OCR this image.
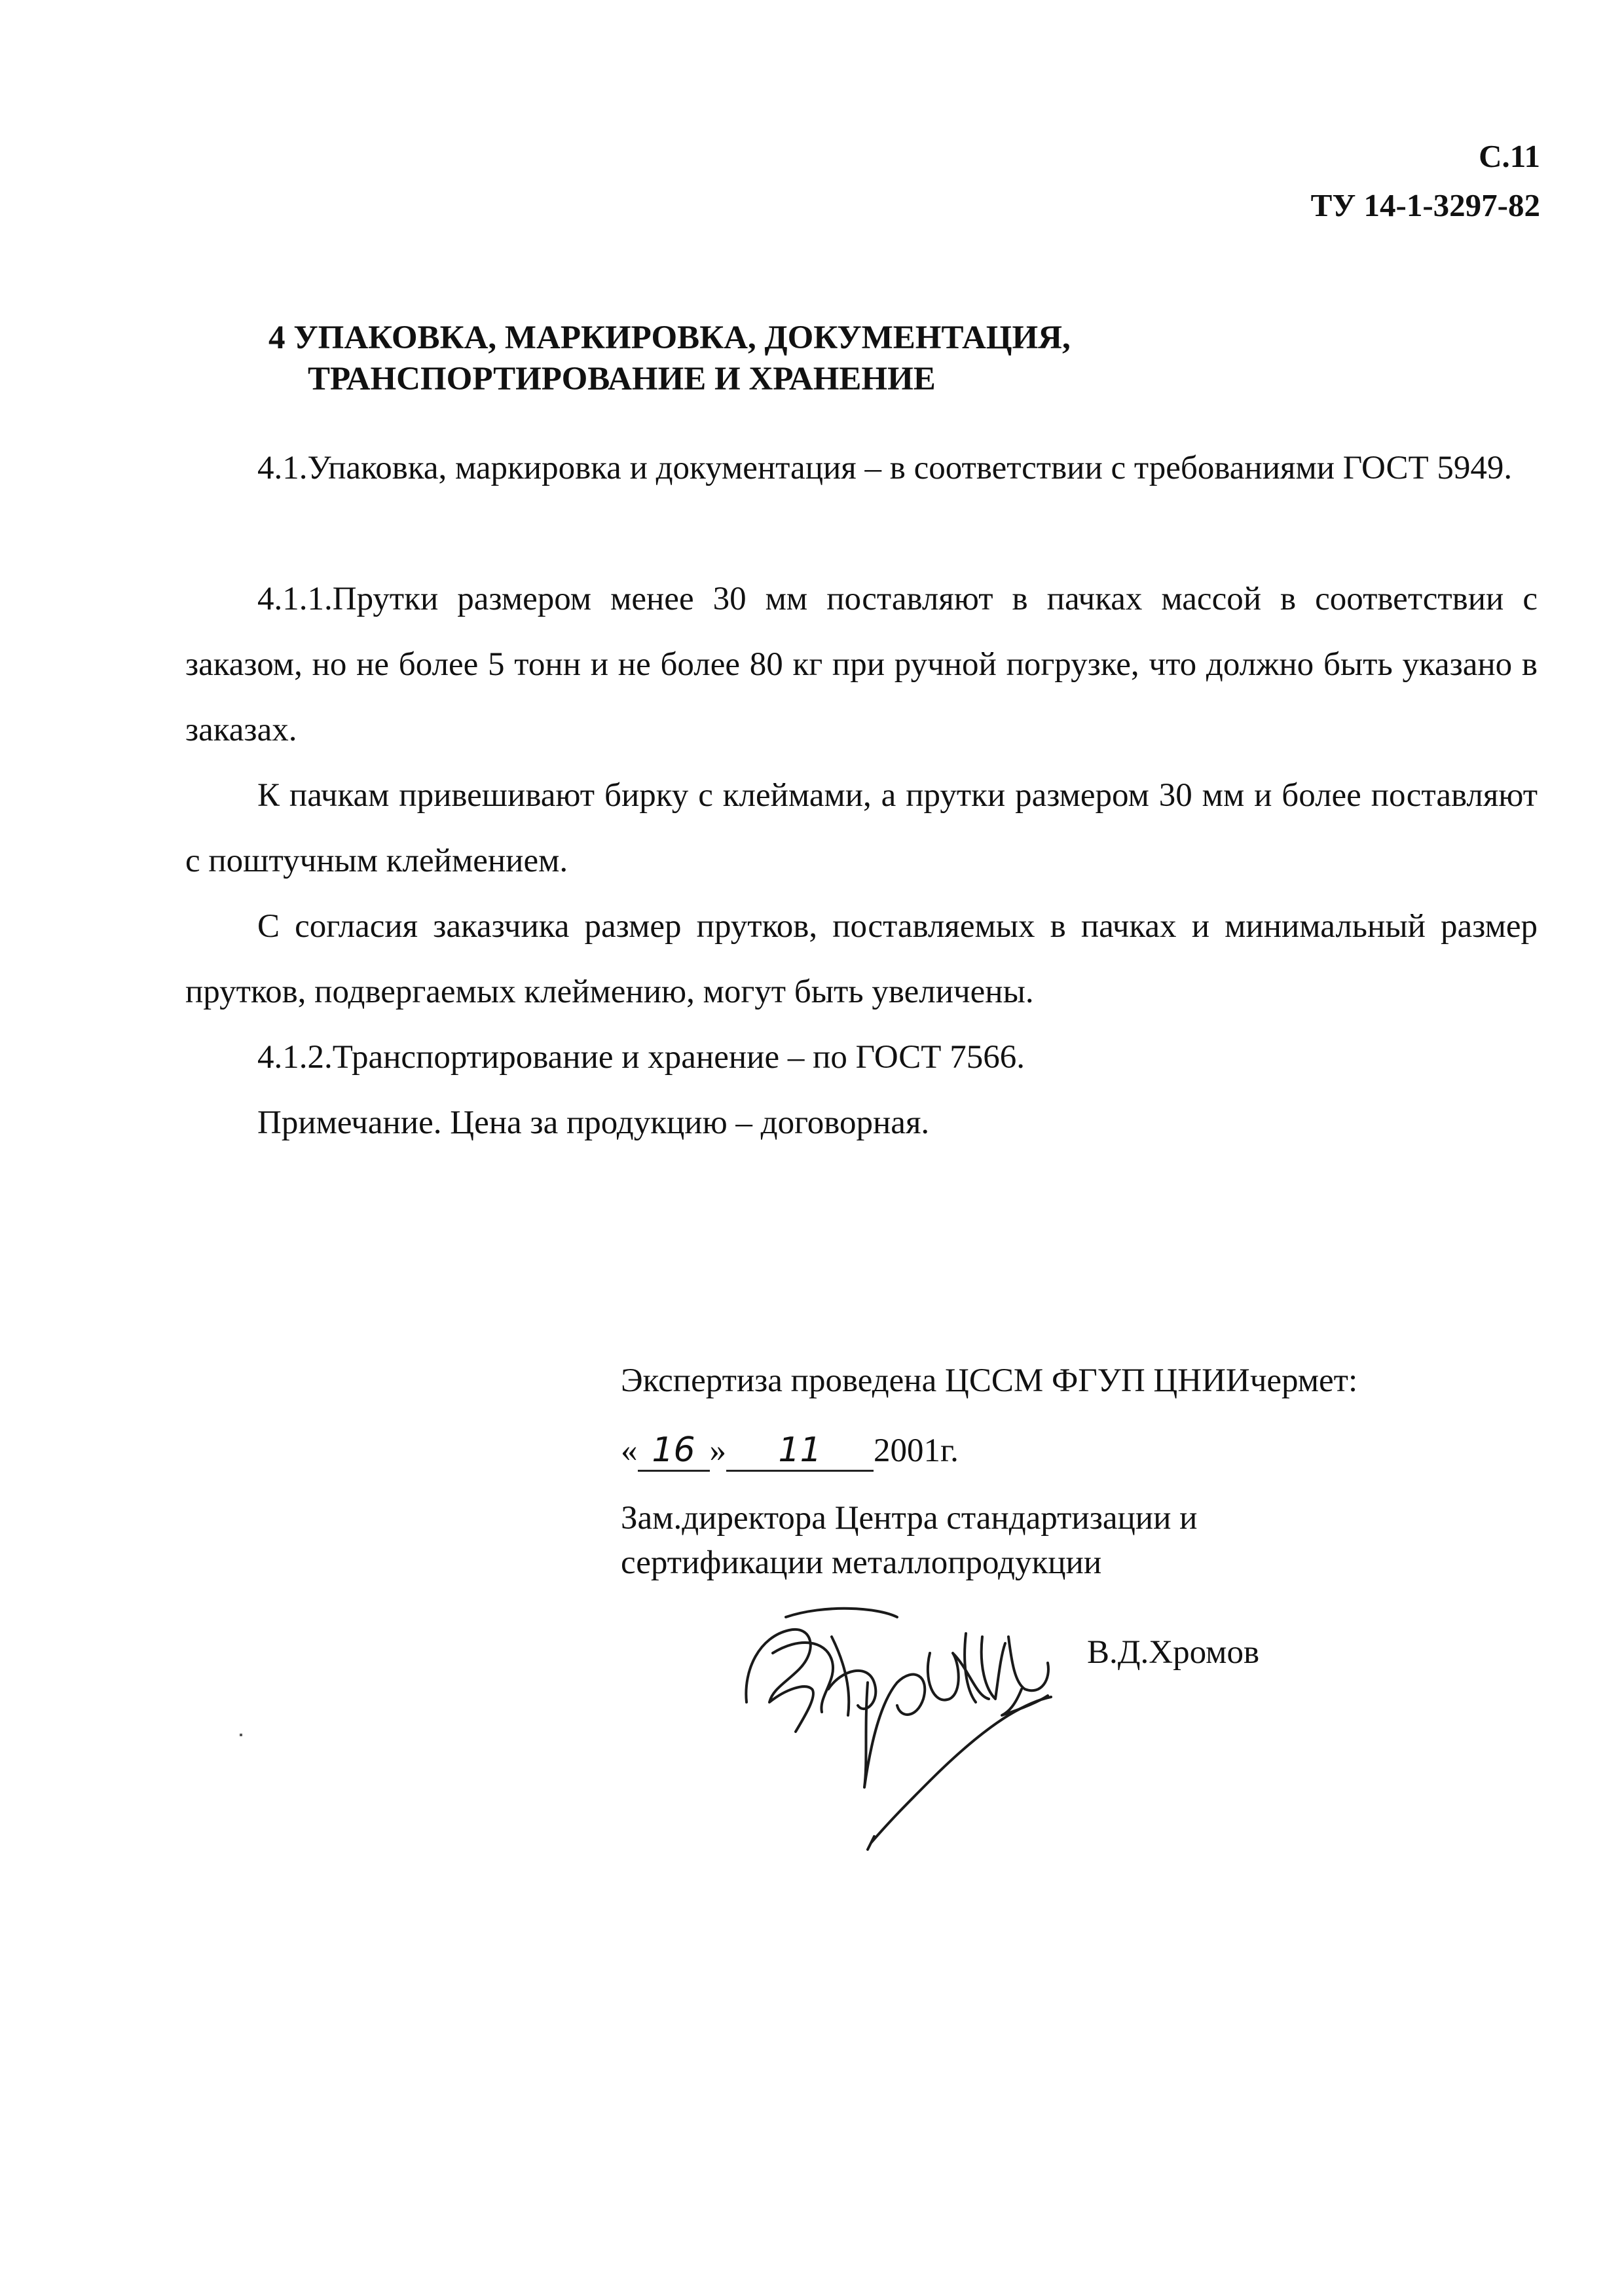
С.11
ТУ 14-1-3297-82
4 УПАКОВКА, МАРКИРОВКА, ДОКУМЕНТАЦИЯ,
ТРАНСПОРТИРОВАНИЕ И ХРАНЕНИЕ
4.1.Упаковка, маркировка и документация – в соответствии с требованиями ГОСТ 5949.
4.1.1.Прутки размером менее 30 мм поставляют в пачках массой в соответствии с заказом, но не более 5 тонн и не более 80 кг при ручной погрузке, что должно быть указано в заказах.
К пачкам привешивают бирку с клеймами, а прутки размером 30 мм и более поставляют с поштучным клеймением.
С согласия заказчика размер прутков, поставляемых в пачках и минимальный размер прутков, подвергаемых клеймению, могут быть увеличены.
4.1.2.Транспортирование и хранение – по ГОСТ 7566.
Примечание. Цена за продукцию – договорная.
Экспертиза проведена ЦССМ ФГУП ЦНИИчермет:
« 16 » 11 2001г.
Зам.директора Центра стандартизации и
сертификации металлопродукции
Хромов
В.Д.Хромов
